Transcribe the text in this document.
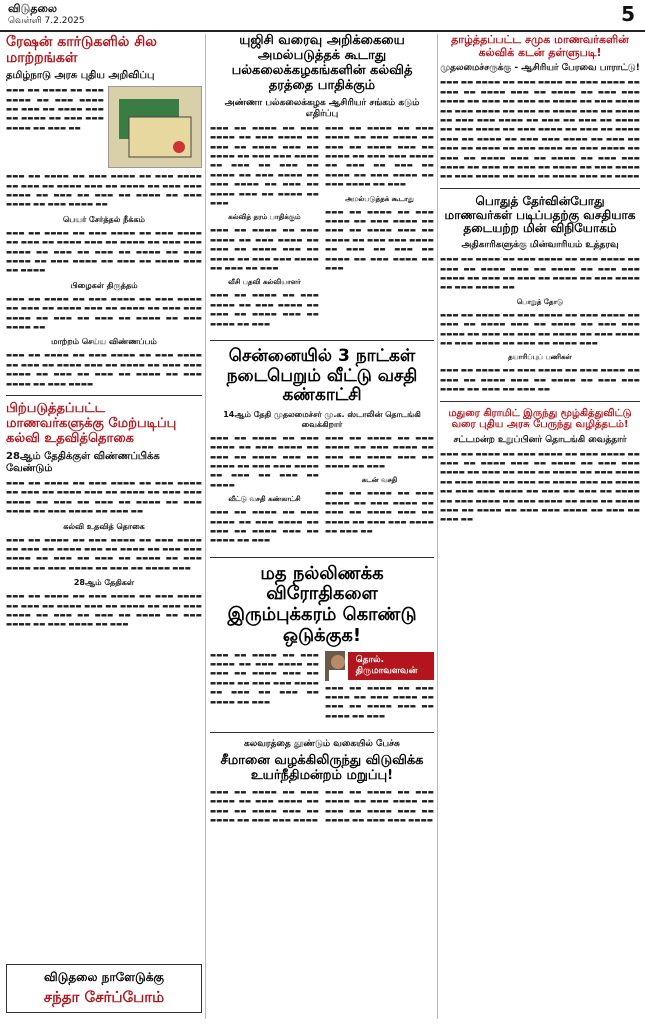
விடுதலை
வெள்ளி 7.2.2025	5
ரேஷன் கார்டுகளில் சில மாற்றங்கள்
தமிழ்நாடு அரசு புதிய அறிவிப்பு
▬▬▬ ▬▬ ▬▬▬▬ ▬▬ ▬▬▬ ▬▬▬▬ ▬▬ ▬▬▬ ▬▬▬▬ ▬▬ ▬▬▬ ▬▬ ▬▬▬▬ ▬▬▬ ▬▬ ▬▬▬▬ ▬▬ ▬▬▬ ▬▬▬ ▬▬▬▬ ▬▬ ▬▬▬ ▬▬
▬▬▬ ▬▬ ▬▬▬▬ ▬▬ ▬▬▬ ▬▬▬▬ ▬▬ ▬▬▬ ▬▬▬▬ ▬▬ ▬▬▬ ▬▬ ▬▬▬▬ ▬▬▬ ▬▬ ▬▬▬▬ ▬▬ ▬▬▬ ▬▬▬ ▬▬▬▬ ▬▬ ▬▬▬ ▬▬ ▬▬▬ ▬▬ ▬▬▬▬ ▬▬ ▬▬▬ ▬▬▬▬ ▬▬ ▬▬▬ ▬▬▬▬ ▬▬
பெயர் சேர்த்தல் நீக்கம்
▬▬▬ ▬▬ ▬▬▬▬ ▬▬ ▬▬▬ ▬▬▬▬ ▬▬ ▬▬▬ ▬▬▬▬ ▬▬ ▬▬▬ ▬▬ ▬▬▬▬ ▬▬▬ ▬▬ ▬▬▬▬ ▬▬ ▬▬▬ ▬▬▬ ▬▬▬▬ ▬▬ ▬▬▬ ▬▬ ▬▬▬ ▬▬ ▬▬▬▬ ▬▬ ▬▬▬ ▬▬▬▬ ▬▬ ▬▬▬ ▬▬▬▬ ▬▬ ▬▬▬ ▬▬ ▬▬▬▬ ▬▬▬ ▬▬ ▬▬▬▬
பிழைகள் திருத்தம்
▬▬▬ ▬▬ ▬▬▬▬ ▬▬ ▬▬▬ ▬▬▬▬ ▬▬ ▬▬▬ ▬▬▬▬ ▬▬ ▬▬▬ ▬▬ ▬▬▬▬ ▬▬▬ ▬▬ ▬▬▬▬ ▬▬ ▬▬▬ ▬▬▬ ▬▬▬▬ ▬▬ ▬▬▬ ▬▬ ▬▬▬ ▬▬ ▬▬▬▬ ▬▬ ▬▬▬ ▬▬▬▬ ▬▬
மாற்றம் செய்ய விண்ணப்பம்
▬▬▬ ▬▬ ▬▬▬▬ ▬▬ ▬▬▬ ▬▬▬▬ ▬▬ ▬▬▬ ▬▬▬▬ ▬▬ ▬▬▬ ▬▬ ▬▬▬▬ ▬▬▬ ▬▬ ▬▬▬▬ ▬▬ ▬▬▬ ▬▬▬ ▬▬▬▬ ▬▬ ▬▬▬ ▬▬ ▬▬▬ ▬▬ ▬▬▬▬ ▬▬ ▬▬▬ ▬▬▬▬ ▬▬ ▬▬▬ ▬▬▬▬
பிற்படுத்தப்பட்ட மாணவர்களுக்கு மேற்படிப்பு கல்வி உதவித்தொகை
28ஆம் தேதிக்குள் விண்ணப்பிக்க வேண்டும்
▬▬▬ ▬▬ ▬▬▬▬ ▬▬ ▬▬▬ ▬▬▬▬ ▬▬ ▬▬▬ ▬▬▬▬ ▬▬ ▬▬▬ ▬▬ ▬▬▬▬ ▬▬▬ ▬▬ ▬▬▬▬ ▬▬ ▬▬▬ ▬▬▬ ▬▬▬▬ ▬▬ ▬▬▬ ▬▬ ▬▬▬ ▬▬ ▬▬▬▬ ▬▬ ▬▬▬ ▬▬▬▬ ▬▬ ▬▬▬ ▬▬▬▬ ▬▬ ▬▬▬ ▬▬
கல்வி உதவித் தொகை
▬▬▬ ▬▬ ▬▬▬▬ ▬▬ ▬▬▬ ▬▬▬▬ ▬▬ ▬▬▬ ▬▬▬▬ ▬▬ ▬▬▬ ▬▬ ▬▬▬▬ ▬▬▬ ▬▬ ▬▬▬▬ ▬▬ ▬▬▬ ▬▬▬ ▬▬▬▬ ▬▬ ▬▬▬ ▬▬ ▬▬▬ ▬▬ ▬▬▬▬ ▬▬ ▬▬▬ ▬▬▬▬ ▬▬ ▬▬▬ ▬▬▬▬ ▬▬ ▬▬▬ ▬▬ ▬▬▬▬ ▬▬▬
28ஆம் தேதிகள்
▬▬▬ ▬▬ ▬▬▬▬ ▬▬ ▬▬▬ ▬▬▬▬ ▬▬ ▬▬▬ ▬▬▬▬ ▬▬ ▬▬▬ ▬▬ ▬▬▬▬ ▬▬▬ ▬▬ ▬▬▬▬ ▬▬ ▬▬▬ ▬▬▬ ▬▬▬▬ ▬▬ ▬▬▬ ▬▬ ▬▬▬ ▬▬ ▬▬▬▬ ▬▬ ▬▬▬ ▬▬▬▬ ▬▬ ▬▬▬ ▬▬▬▬ ▬▬ ▬▬▬
விடுதலை நாளேடுக்கு
சந்தா சேர்ப்போம்
யுஜிசி வரைவு அறிக்கையை அமல்படுத்தக் கூடாது பல்கலைக்கழகங்களின் கல்வித் தரத்தை பாதிக்கும்
அண்ணா பல்கலைக்கழக ஆசிரியர் சங்கம் கடும் எதிர்ப்பு
▬▬▬ ▬▬ ▬▬▬▬ ▬▬ ▬▬▬ ▬▬▬▬ ▬▬ ▬▬▬ ▬▬▬▬ ▬▬ ▬▬▬ ▬▬ ▬▬▬▬ ▬▬▬ ▬▬ ▬▬▬▬ ▬▬ ▬▬▬ ▬▬▬ ▬▬▬▬ ▬▬ ▬▬▬ ▬▬ ▬▬▬ ▬▬ ▬▬▬▬ ▬▬ ▬▬▬ ▬▬▬▬ ▬▬ ▬▬▬ ▬▬▬▬ ▬▬ ▬▬▬ ▬▬ ▬▬▬▬ ▬▬▬ ▬▬ ▬▬▬▬ ▬▬ ▬▬▬
கல்வித் தரம் பாதிக்கும்
▬▬▬ ▬▬ ▬▬▬▬ ▬▬ ▬▬▬ ▬▬▬▬ ▬▬ ▬▬▬ ▬▬▬▬ ▬▬ ▬▬▬ ▬▬ ▬▬▬▬ ▬▬▬ ▬▬ ▬▬▬▬ ▬▬ ▬▬▬ ▬▬▬ ▬▬▬▬ ▬▬ ▬▬▬ ▬▬ ▬▬▬
வீசி பதவி கல்வியாளர்
▬▬▬ ▬▬ ▬▬▬▬ ▬▬ ▬▬▬ ▬▬▬▬ ▬▬ ▬▬▬ ▬▬▬▬ ▬▬ ▬▬▬ ▬▬ ▬▬▬▬ ▬▬▬ ▬▬ ▬▬▬▬ ▬▬ ▬▬▬
▬▬▬ ▬▬ ▬▬▬▬ ▬▬ ▬▬▬ ▬▬▬▬ ▬▬ ▬▬▬ ▬▬▬▬ ▬▬ ▬▬▬ ▬▬ ▬▬▬▬ ▬▬▬ ▬▬ ▬▬▬▬ ▬▬ ▬▬▬ ▬▬▬ ▬▬▬▬ ▬▬ ▬▬▬ ▬▬ ▬▬▬ ▬▬ ▬▬▬▬ ▬▬ ▬▬▬ ▬▬▬▬ ▬▬ ▬▬▬ ▬▬▬▬ ▬▬ ▬▬▬
அமல்படுத்தக் கூடாது
▬▬▬ ▬▬ ▬▬▬▬ ▬▬ ▬▬▬ ▬▬▬▬ ▬▬ ▬▬▬ ▬▬▬▬ ▬▬ ▬▬▬ ▬▬ ▬▬▬▬ ▬▬▬ ▬▬ ▬▬▬▬ ▬▬ ▬▬▬ ▬▬▬ ▬▬▬▬ ▬▬ ▬▬▬ ▬▬ ▬▬▬ ▬▬ ▬▬▬▬ ▬▬ ▬▬▬ ▬▬▬▬ ▬▬ ▬▬▬
சென்னையில் 3 நாட்கள் நடைபெறும் வீட்டு வசதி கண்காட்சி
14ஆம் தேதி முதலமைச்சர் மு.க. ஸ்டாலின் தொடங்கி வைக்கிறார்
▬▬▬ ▬▬ ▬▬▬▬ ▬▬ ▬▬▬ ▬▬▬▬ ▬▬ ▬▬▬ ▬▬▬▬ ▬▬ ▬▬▬ ▬▬ ▬▬▬▬ ▬▬▬ ▬▬ ▬▬▬▬ ▬▬ ▬▬▬ ▬▬▬ ▬▬▬▬ ▬▬ ▬▬▬ ▬▬ ▬▬▬ ▬▬ ▬▬▬▬
வீட்டு வசதி கண்காட்சி
▬▬▬ ▬▬ ▬▬▬▬ ▬▬ ▬▬▬ ▬▬▬▬ ▬▬ ▬▬▬ ▬▬▬▬ ▬▬ ▬▬▬ ▬▬ ▬▬▬▬ ▬▬▬ ▬▬ ▬▬▬▬ ▬▬ ▬▬▬
▬▬▬ ▬▬ ▬▬▬▬ ▬▬ ▬▬▬ ▬▬▬▬ ▬▬ ▬▬▬ ▬▬▬▬ ▬▬ ▬▬▬ ▬▬ ▬▬▬▬ ▬▬▬ ▬▬ ▬▬▬▬ ▬▬ ▬▬▬
கடன் வசதி
▬▬▬ ▬▬ ▬▬▬▬ ▬▬ ▬▬▬ ▬▬▬▬ ▬▬ ▬▬▬ ▬▬▬▬ ▬▬ ▬▬▬ ▬▬ ▬▬▬▬ ▬▬▬ ▬▬ ▬▬▬▬ ▬▬ ▬▬▬ ▬▬▬ ▬▬▬▬ ▬▬ ▬▬▬ ▬▬
மத நல்லிணக்க விரோதிகளை இரும்புக்கரம் கொண்டு ஒடுக்குக!
▬▬▬ ▬▬ ▬▬▬▬ ▬▬ ▬▬▬ ▬▬▬▬ ▬▬ ▬▬▬ ▬▬▬▬ ▬▬ ▬▬▬ ▬▬ ▬▬▬▬ ▬▬▬ ▬▬ ▬▬▬▬ ▬▬ ▬▬▬ ▬▬▬ ▬▬▬▬ ▬▬ ▬▬▬ ▬▬ ▬▬▬ ▬▬ ▬▬▬▬ ▬▬ ▬▬▬
தொல். திருமாவளவன்
▬▬▬ ▬▬ ▬▬▬▬ ▬▬ ▬▬▬ ▬▬▬▬ ▬▬ ▬▬▬ ▬▬▬▬ ▬▬ ▬▬▬ ▬▬ ▬▬▬▬ ▬▬▬ ▬▬ ▬▬▬▬ ▬▬ ▬▬▬
கலவரத்தை தூண்டும் வகையில் பேச்சு
சீமானை வழக்கிலிருந்து விடுவிக்க உயர்நீதிமன்றம் மறுப்பு!
▬▬▬ ▬▬ ▬▬▬▬ ▬▬ ▬▬▬ ▬▬▬▬ ▬▬ ▬▬▬ ▬▬▬▬ ▬▬ ▬▬▬ ▬▬ ▬▬▬▬ ▬▬▬ ▬▬ ▬▬▬▬ ▬▬ ▬▬▬ ▬▬▬ ▬▬▬▬
▬▬▬ ▬▬ ▬▬▬▬ ▬▬ ▬▬▬ ▬▬▬▬ ▬▬ ▬▬▬ ▬▬▬▬ ▬▬ ▬▬▬ ▬▬ ▬▬▬▬ ▬▬▬ ▬▬ ▬▬▬▬ ▬▬ ▬▬▬ ▬▬▬ ▬▬▬▬
தாழ்த்தப்பட்ட சமுக மாணவர்களின் கல்விக் கடன் தள்ளுபடி!
முதலமைச்சருக்கு - ஆசிரியர் பேரவை பாராட்டு!
▬▬▬ ▬▬ ▬▬▬▬ ▬▬ ▬▬▬ ▬▬▬▬ ▬▬ ▬▬▬ ▬▬▬▬ ▬▬ ▬▬▬ ▬▬ ▬▬▬▬ ▬▬▬ ▬▬ ▬▬▬▬ ▬▬ ▬▬▬ ▬▬▬ ▬▬▬▬ ▬▬ ▬▬▬ ▬▬ ▬▬▬ ▬▬ ▬▬▬▬ ▬▬ ▬▬▬ ▬▬▬▬ ▬▬ ▬▬▬ ▬▬▬▬ ▬▬ ▬▬▬ ▬▬ ▬▬▬▬ ▬▬▬ ▬▬ ▬▬▬▬ ▬▬ ▬▬▬ ▬▬▬ ▬▬▬▬ ▬▬ ▬▬▬ ▬▬ ▬▬▬ ▬▬ ▬▬▬▬ ▬▬ ▬▬▬ ▬▬▬▬ ▬▬ ▬▬▬ ▬▬▬▬ ▬▬ ▬▬▬ ▬▬ ▬▬▬▬ ▬▬▬ ▬▬ ▬▬▬▬ ▬▬ ▬▬▬ ▬▬▬ ▬▬▬▬ ▬▬ ▬▬▬ ▬▬ ▬▬▬ ▬▬ ▬▬▬▬ ▬▬ ▬▬▬ ▬▬▬▬ ▬▬ ▬▬▬ ▬▬▬▬ ▬▬ ▬▬▬ ▬▬ ▬▬▬▬ ▬▬▬ ▬▬ ▬▬▬▬ ▬▬ ▬▬▬ ▬▬▬ ▬▬▬▬ ▬▬ ▬▬▬ ▬▬ ▬▬▬ ▬▬ ▬▬▬▬ ▬▬ ▬▬▬ ▬▬▬▬ ▬▬ ▬▬▬ ▬▬▬▬ ▬▬ ▬▬▬ ▬▬ ▬▬▬▬ ▬▬▬ ▬▬ ▬▬▬▬
பொதுத் தேர்வின்போது மாணவர்கள் படிப்பதற்கு வசதியாக தடையற்ற மின் விநியோகம்
அதிகாரிகளுக்கு மின்வாரியம் உத்தரவு
▬▬▬ ▬▬ ▬▬▬▬ ▬▬ ▬▬▬ ▬▬▬▬ ▬▬ ▬▬▬ ▬▬▬▬ ▬▬ ▬▬▬ ▬▬ ▬▬▬▬ ▬▬▬ ▬▬ ▬▬▬▬ ▬▬ ▬▬▬ ▬▬▬ ▬▬▬▬ ▬▬ ▬▬▬ ▬▬ ▬▬▬ ▬▬ ▬▬▬▬ ▬▬ ▬▬▬ ▬▬▬▬ ▬▬ ▬▬▬ ▬▬▬▬ ▬▬
பொறுத் தோடு
▬▬▬ ▬▬ ▬▬▬▬ ▬▬ ▬▬▬ ▬▬▬▬ ▬▬ ▬▬▬ ▬▬▬▬ ▬▬ ▬▬▬ ▬▬ ▬▬▬▬ ▬▬▬ ▬▬ ▬▬▬▬ ▬▬ ▬▬▬ ▬▬▬ ▬▬▬▬ ▬▬ ▬▬▬ ▬▬ ▬▬▬ ▬▬ ▬▬▬▬ ▬▬ ▬▬▬ ▬▬▬▬ ▬▬ ▬▬▬ ▬▬▬▬ ▬▬ ▬▬▬ ▬▬ ▬▬▬▬ ▬▬▬
தயாரிப்புப் பணிகள்
▬▬▬ ▬▬ ▬▬▬▬ ▬▬ ▬▬▬ ▬▬▬▬ ▬▬ ▬▬▬ ▬▬▬▬ ▬▬ ▬▬▬ ▬▬ ▬▬▬▬ ▬▬▬ ▬▬ ▬▬▬▬ ▬▬ ▬▬▬ ▬▬▬ ▬▬▬▬ ▬▬ ▬▬▬ ▬▬ ▬▬▬ ▬▬
மதுரை கிராமிட் இருந்து மூழ்கித்துவிட்டு வரை புதிய அரசு பேருந்து வழித்தடம்!
சட்டமன்ற உறுப்பினர் தொடங்கி வைத்தார்
▬▬▬ ▬▬ ▬▬▬▬ ▬▬ ▬▬▬ ▬▬▬▬ ▬▬ ▬▬▬ ▬▬▬▬ ▬▬ ▬▬▬ ▬▬ ▬▬▬▬ ▬▬▬ ▬▬ ▬▬▬▬ ▬▬ ▬▬▬ ▬▬▬ ▬▬▬▬ ▬▬ ▬▬▬ ▬▬ ▬▬▬ ▬▬ ▬▬▬▬ ▬▬ ▬▬▬ ▬▬▬▬ ▬▬ ▬▬▬ ▬▬▬▬ ▬▬ ▬▬▬ ▬▬ ▬▬▬▬ ▬▬▬ ▬▬ ▬▬▬▬ ▬▬ ▬▬▬ ▬▬▬ ▬▬▬▬ ▬▬ ▬▬▬ ▬▬ ▬▬▬ ▬▬ ▬▬▬▬ ▬▬ ▬▬▬ ▬▬▬▬ ▬▬ ▬▬▬ ▬▬▬▬ ▬▬ ▬▬▬ ▬▬ ▬▬▬▬ ▬▬▬ ▬▬ ▬▬▬▬ ▬▬ ▬▬▬ ▬▬▬ ▬▬▬▬ ▬▬ ▬▬▬ ▬▬ ▬▬▬ ▬▬
